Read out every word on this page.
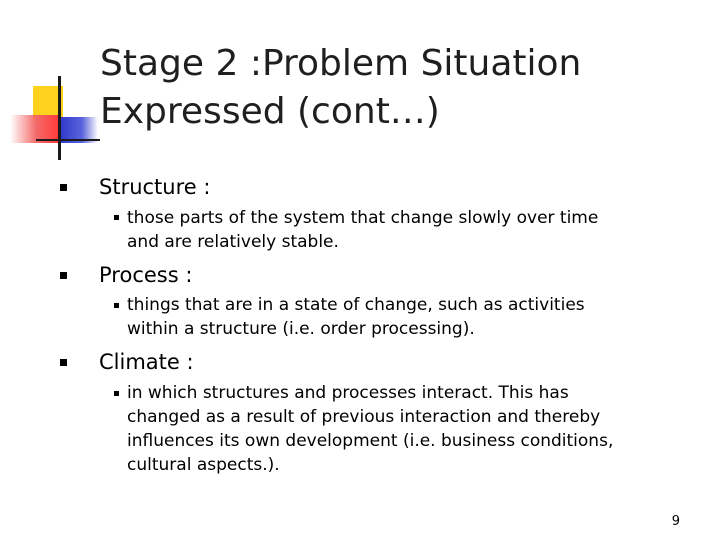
Stage 2 :Problem Situation
Expressed (cont…)

Structure :

those parts of the system that change slowly over time
and are relatively stable.

Process :

things that are in a state of change, such as activities
within a structure (i.e. order processing).

Climate :

in which structures and processes interact. This has
changed as a result of previous interaction and thereby
influences its own development (i.e. business conditions,
cultural aspects.).

9
